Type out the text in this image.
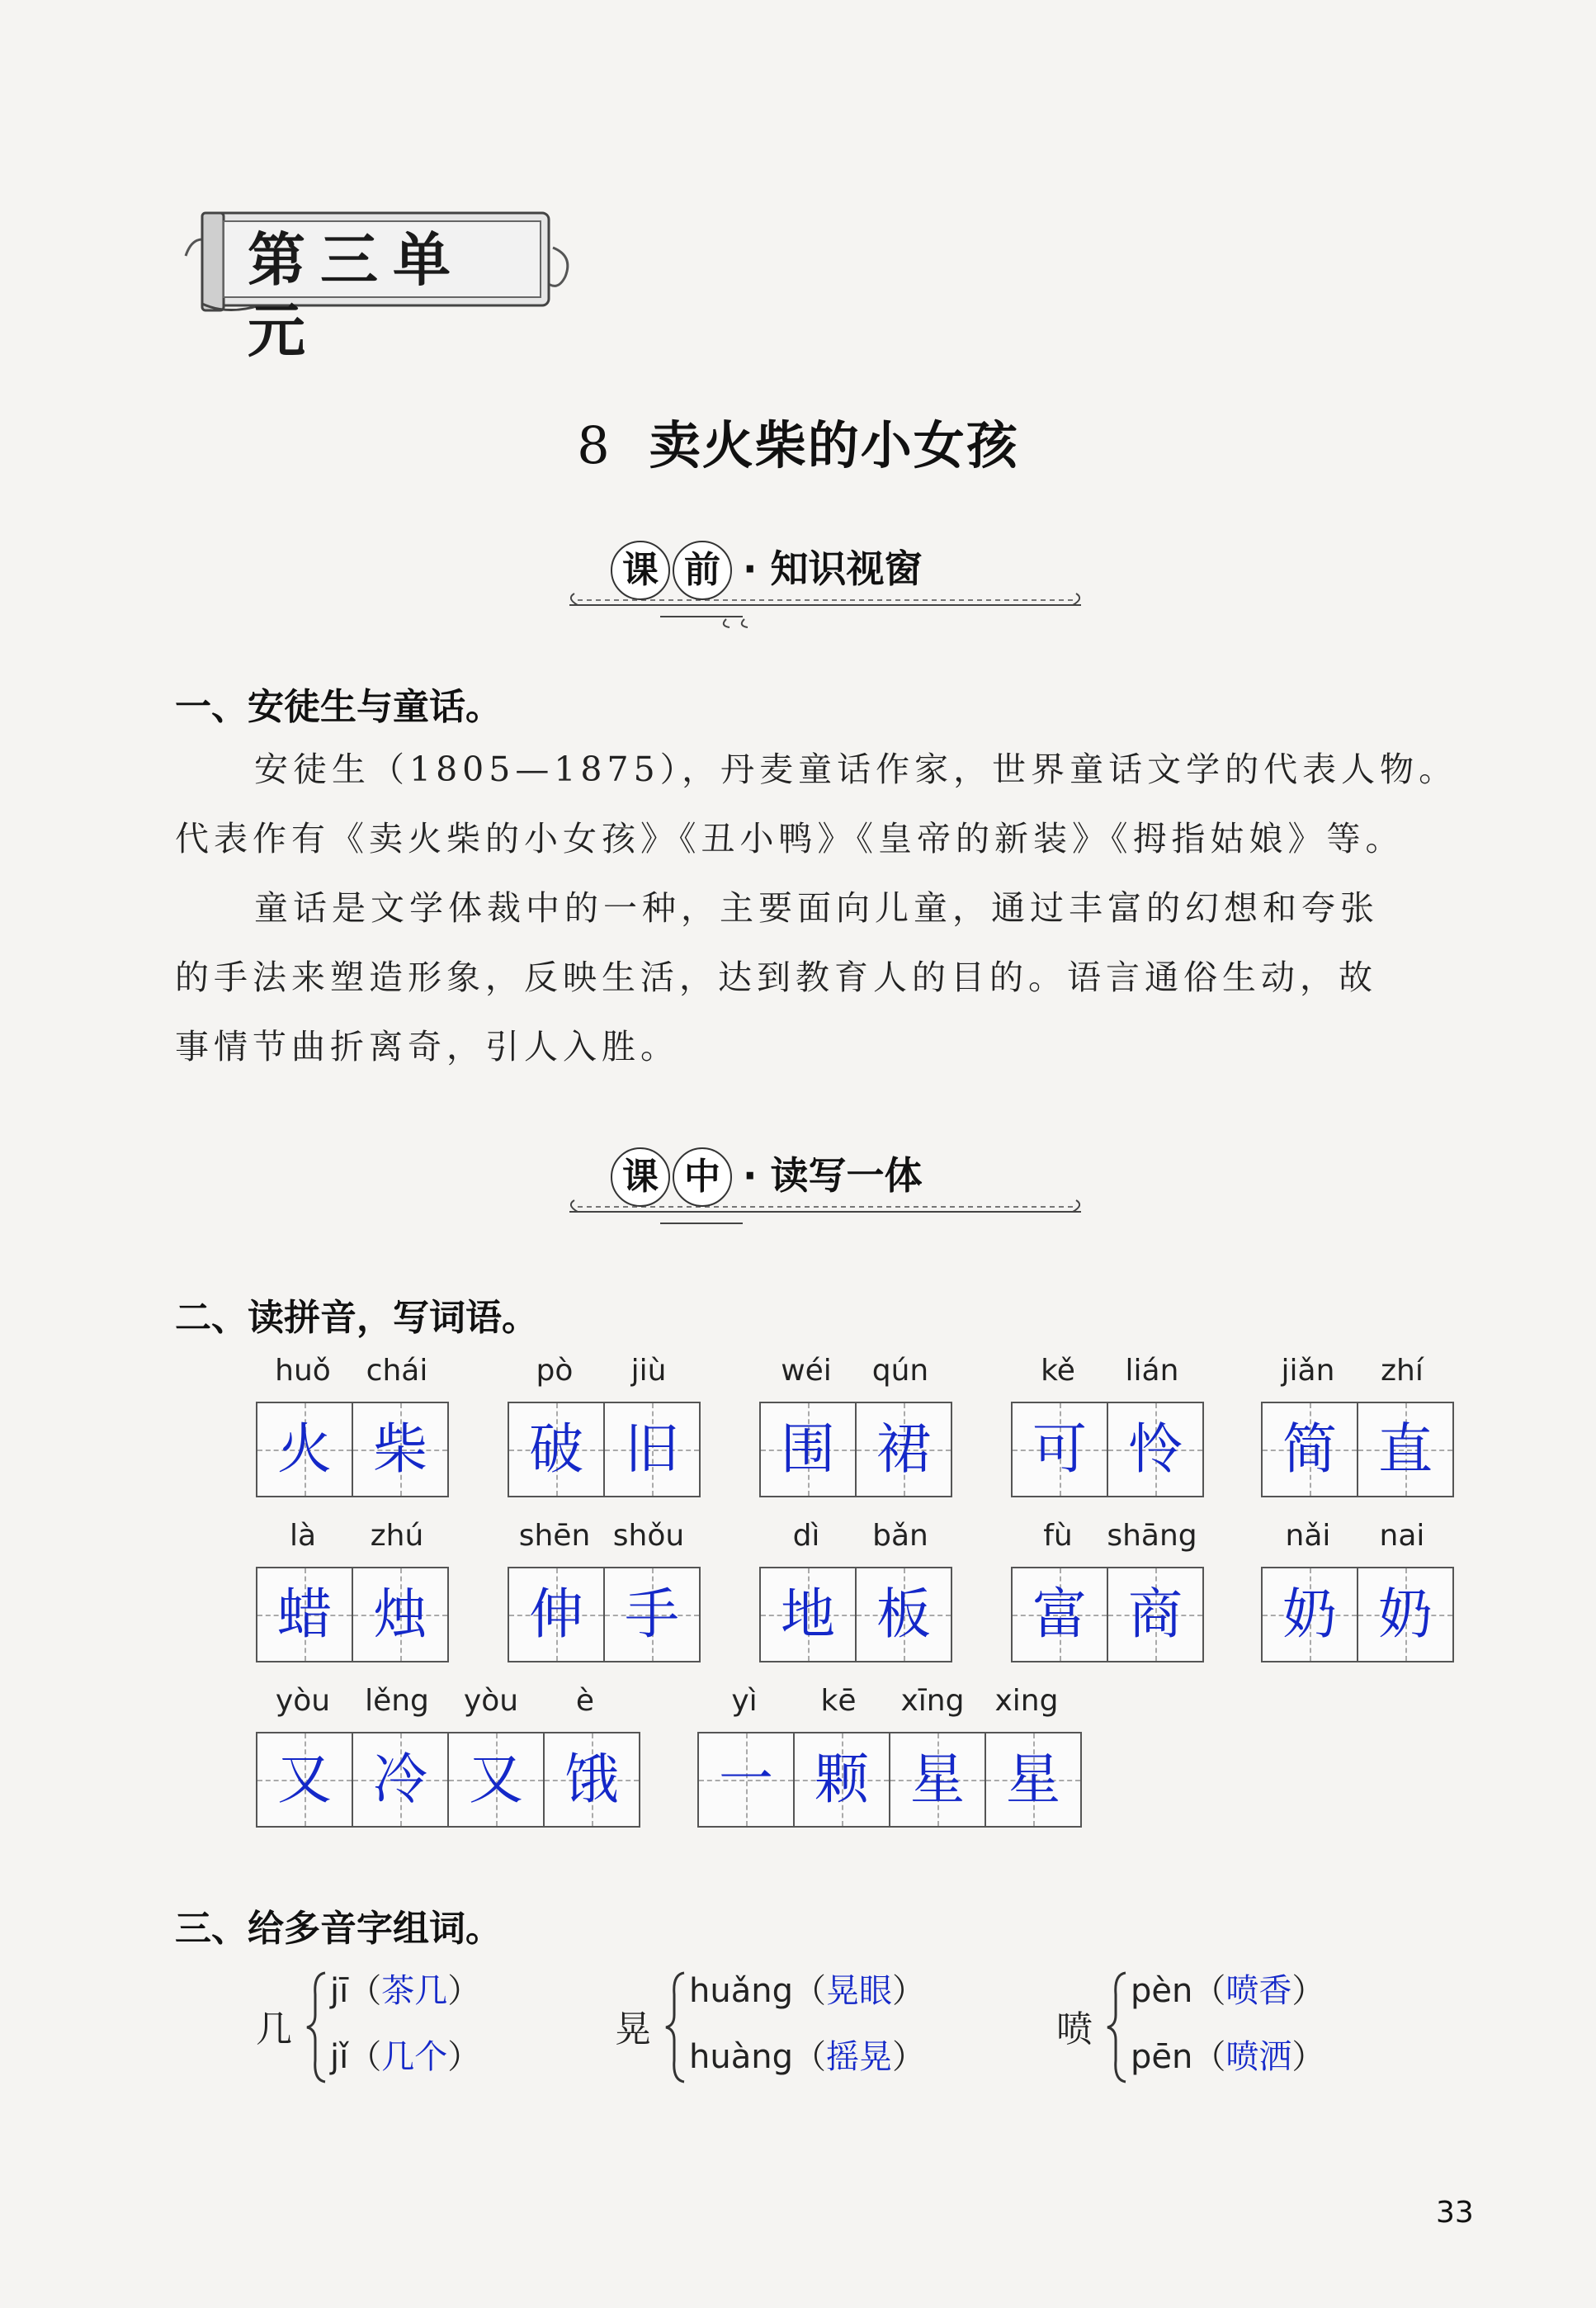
第三单元
8 卖火柴的小女孩
课 前 · 知识视窗
一、安徒生与童话。
安徒生（1805—1875），丹麦童话作家，世界童话文学的代表人物。
代表作有《卖火柴的小女孩》《丑小鸭》《皇帝的新装》《拇指姑娘》等。
童话是文学体裁中的一种，主要面向儿童，通过丰富的幻想和夸张
的手法来塑造形象，反映生活，达到教育人的目的。语言通俗生动，故
事情节曲折离奇，引人入胜。
课 中 · 读写一体
二、读拼音，写词语。
huǒ	chái
火 柴
pò	jiù
破 旧
wéi	qún
围 裙
kě	lián
可 怜
jiǎn	zhí
简 直
là	zhú
蜡 烛
shēn shǒu
伸 手
dì	bǎn
地 板
fù	shāng
富 商
nǎi	nai
奶 奶
yòu	lěng	yòu	è
又 冷 又 饿
yì	kē	xīng	xing
一 颗 星 星
三、给多音字组词。
几
jī（茶几）
jǐ（几个）
晃
huǎng（晃眼）
huàng（摇晃）
喷
pèn（喷香）
pēn（喷洒）
33
